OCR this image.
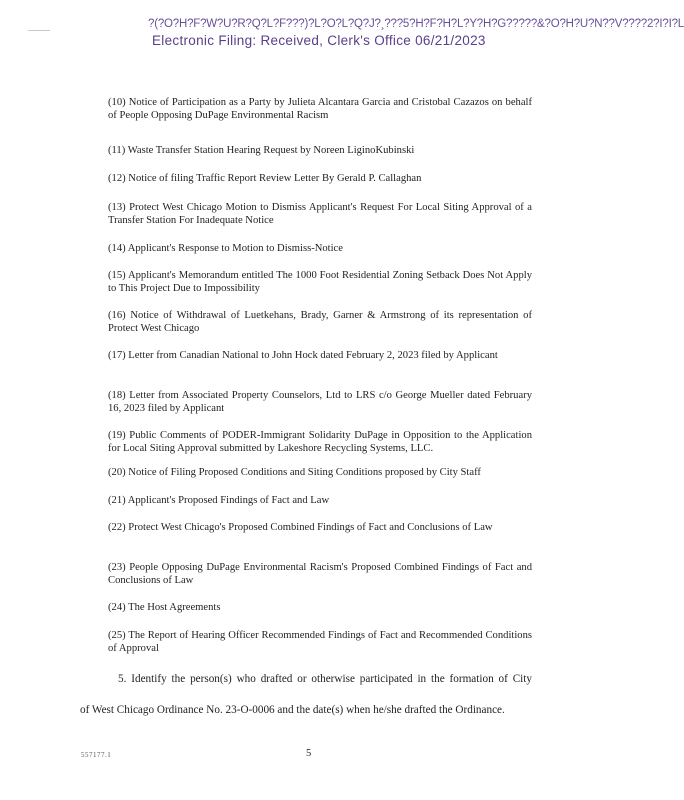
?(?O?H?F?W?U?R?Q?L?F???)?L?O?L?Q?J?¸???5?H?F?H?L?Y?H?G?????&?O?H?U?N??V????2?I?I?L
Electronic Filing: Received, Clerk's Office 06/21/2023
(10) Notice of Participation as a Party by Julieta Alcantara Garcia and Cristobal Cazazos on behalf of People Opposing DuPage Environmental Racism
(11) Waste Transfer Station Hearing Request by Noreen LiginoKubinski
(12) Notice of filing Traffic Report Review Letter By Gerald P. Callaghan
(13) Protect West Chicago Motion to Dismiss Applicant's Request For Local Siting Approval of a Transfer Station For Inadequate Notice
(14) Applicant's Response to Motion to Dismiss-Notice
(15) Applicant's Memorandum entitled The 1000 Foot Residential Zoning Setback Does Not Apply to This Project Due to Impossibility
(16) Notice of Withdrawal of Luetkehans, Brady, Garner & Armstrong of its representation of Protect West Chicago
(17) Letter from Canadian National to John Hock dated February 2, 2023 filed by Applicant
(18) Letter from Associated Property Counselors, Ltd to LRS c/o George Mueller dated February 16, 2023 filed by Applicant
(19) Public Comments of PODER-Immigrant Solidarity DuPage in Opposition to the Application for Local Siting Approval submitted by Lakeshore Recycling Systems, LLC.
(20) Notice of Filing Proposed Conditions and Siting Conditions proposed by City Staff
(21) Applicant's Proposed Findings of Fact and Law
(22) Protect West Chicago's Proposed Combined Findings of Fact and Conclusions of Law
(23) People Opposing DuPage Environmental Racism's Proposed Combined Findings of Fact and Conclusions of Law
(24) The Host Agreements
(25) The Report of Hearing Officer Recommended Findings of Fact and Recommended Conditions of Approval
5. Identify the person(s) who drafted or otherwise participated in the formation of City
of West Chicago Ordinance No. 23-O-0006 and the date(s) when he/she drafted the Ordinance.
557177.1	5
